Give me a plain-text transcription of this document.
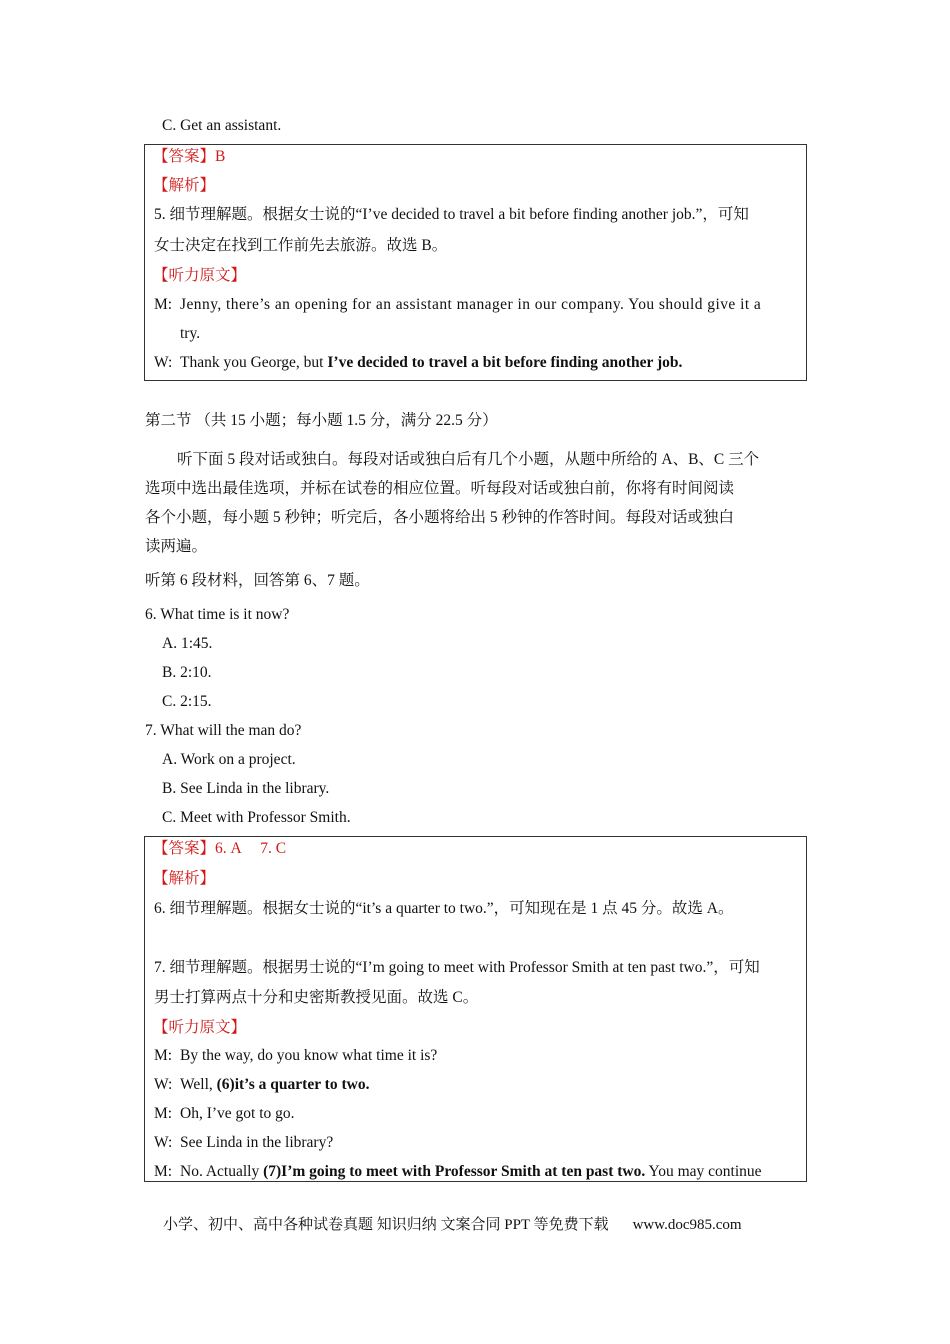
C. Get an assistant.
【答案】B
【解析】
5. 细节理解题。根据女士说的“I’ve decided to travel a bit before finding another job.”，可知
女士决定在找到工作前先去旅游。故选 B。
【听力原文】
M: Jenny, there’s an opening for an assistant manager in our company. You should give it a
try.
W: Thank you George, but I’ve decided to travel a bit before finding another job.
第二节 （共 15 小题；每小题 1.5 分，满分 22.5 分）
听下面 5 段对话或独白。每段对话或独白后有几个小题，从题中所给的 A、B、C 三个
选项中选出最佳选项，并标在试卷的相应位置。听每段对话或独白前，你将有时间阅读
各个小题，每小题 5 秒钟；听完后，各小题将给出 5 秒钟的作答时间。每段对话或独白
读两遍。
听第 6 段材料，回答第 6、7 题。
6. What time is it now?
A. 1:45.
B. 2:10.
C. 2:15.
7. What will the man do?
A. Work on a project.
B. See Linda in the library.
C. Meet with Professor Smith.
【答案】6. A     7. C
【解析】
6. 细节理解题。根据女士说的“it’s a quarter to two.”，可知现在是 1 点 45 分。故选 A。
7. 细节理解题。根据男士说的“I’m going to meet with Professor Smith at ten past two.”，可知
男士打算两点十分和史密斯教授见面。故选 C。
【听力原文】
M: By the way, do you know what time it is?
W: Well, (6)it’s a quarter to two.
M: Oh, I’ve got to go.
W: See Linda in the library?
M: No. Actually (7)I’m going to meet with Professor Smith at ten past two. You may continue
小学、初中、高中各种试卷真题 知识归纳 文案合同 PPT 等免费下载 www.doc985.com
